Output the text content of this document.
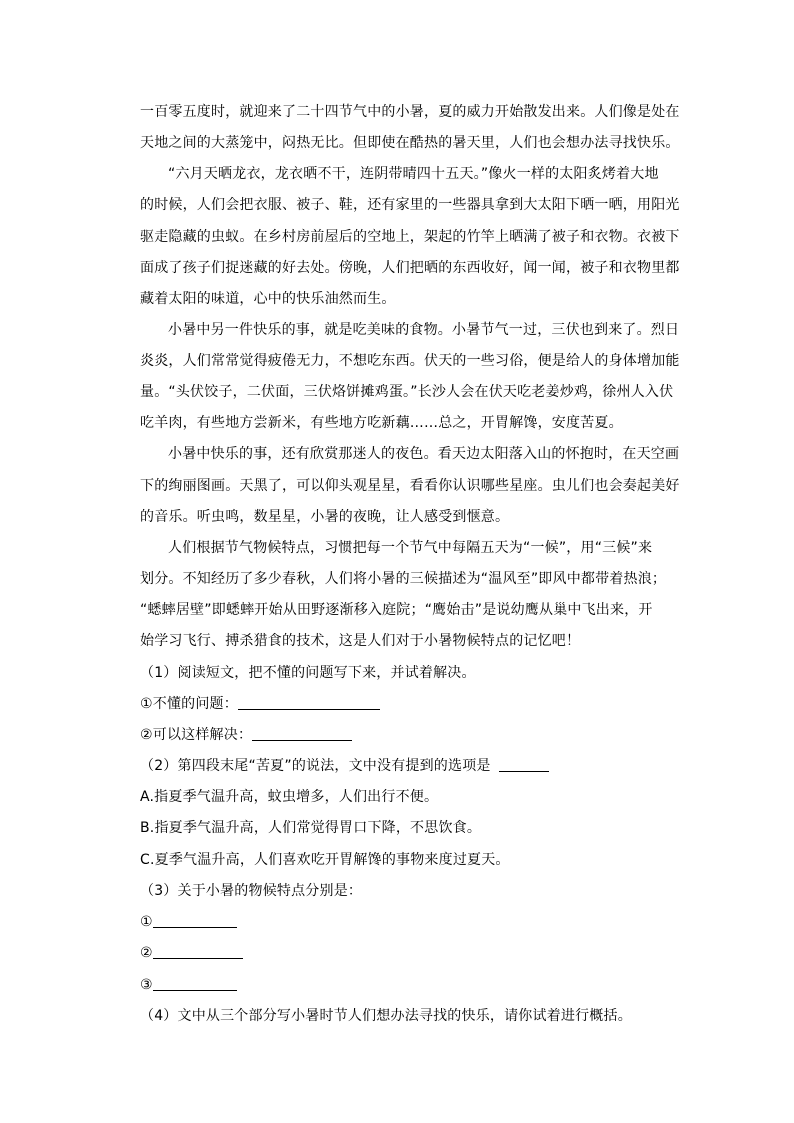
一百零五度时，就迎来了二十四节气中的小暑，夏的威力开始散发出来。人们像是处在
天地之间的大蒸笼中，闷热无比。但即使在酷热的暑天里，人们也会想办法寻找快乐。
“六月天晒龙衣，龙衣晒不干，连阴带晴四十五天。”像火一样的太阳炙烤着大地
的时候，人们会把衣服、被子、鞋，还有家里的一些器具拿到大太阳下晒一晒，用阳光
驱走隐藏的虫蚁。在乡村房前屋后的空地上，架起的竹竿上晒满了被子和衣物。衣被下
面成了孩子们捉迷藏的好去处。傍晚，人们把晒的东西收好，闻一闻，被子和衣物里都
藏着太阳的味道，心中的快乐油然而生。
小暑中另一件快乐的事，就是吃美味的食物。小暑节气一过，三伏也到来了。烈日
炎炎，人们常常觉得疲倦无力，不想吃东西。伏天的一些习俗，便是给人的身体增加能
量。“头伏饺子，二伏面，三伏烙饼摊鸡蛋。”长沙人会在伏天吃老姜炒鸡，徐州人入伏
吃羊肉，有些地方尝新米，有些地方吃新藕……总之，开胃解馋，安度苦夏。
小暑中快乐的事，还有欣赏那迷人的夜色。看天边太阳落入山的怀抱时，在天空画
下的绚丽图画。天黑了，可以仰头观星星，看看你认识哪些星座。虫儿们也会奏起美好
的音乐。听虫鸣，数星星，小暑的夜晚，让人感受到惬意。
人们根据节气物候特点，习惯把每一个节气中每隔五天为“一候”，用“三候”来
划分。不知经历了多少春秋，人们将小暑的三候描述为“温风至”即风中都带着热浪；
“蟋蟀居壁”即蟋蟀开始从田野逐渐移入庭院；“鹰始击”是说幼鹰从巢中飞出来，开
始学习飞行、搏杀猎食的技术，这是人们对于小暑物候特点的记忆吧！
（1）阅读短文，把不懂的问题写下来，并试着解决。
①不懂的问题：
②可以这样解决：
（2）第四段末尾“苦夏”的说法，文中没有提到的选项是
A.指夏季气温升高，蚊虫增多，人们出行不便。
B.指夏季气温升高，人们常觉得胃口下降，不思饮食。
C.夏季气温升高，人们喜欢吃开胃解馋的事物来度过夏天。
（3）关于小暑的物候特点分别是：
①
②
③
（4）文中从三个部分写小暑时节人们想办法寻找的快乐，请你试着进行概括。
